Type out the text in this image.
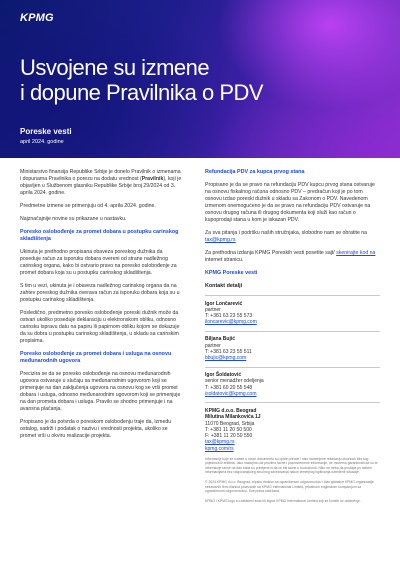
KPMG
Usvojene su izmene
i dopune Pravilnika o PDV
Poreske vesti
april 2024. godine

Ministarstvo finansija Republike Srbije je donelo Pravilnik o izmenama i dopunama Pravilnika o porezu na dodatu vrednost (Pravilnik), koji je objavljen u Službenom glasniku Republike Srbije broj 29/2024 od 3. aprila 2024. godine.

Predmetne izmene se primenjuju od 4. aprila 2024. godine.

Najznačajnije novine su prikazane u nastavku.

Poresko oslobođenje za promet dobara u postupku carinskog skladištenja

Ukinuta je prethodno propisana obaveza poreskog dužnika da poseduje račun za isporuku dobara overeni od strane nadležnog carinskog organa, kako bi ostvario pravo na poresko oslobođenje za promet dobara koja su u postupku carinskog skladištenja.

S tim u vezi, ukinuta je i obaveza nadležnog carinskog organa da na zahtev poreskog dužnika overava račun za isporuku dobara koja su u postupku carinskog skladištenja.

Posledično, predmetno poresko oslobođenje poreski dužnik može da ostvari ukoliko poseduje deklaraciju u elektronskom obliku, odnosno carinsku ispravu datu na papiru ili papirnom obliku kojom se dokazuje da su dobra u postupku carinskog skladištenja, u skladu sa carinskim propisima.

Poresko oslobođenje za promet dobara i usluga na osnovu međunarodnih ugovora

Precizira se da se poresko oslobođenje na osnovu međunarodnih ugovora ostvaruje u slučaju sa međunarodnim ugovorom koji se primenjuje na dan zaključenja ugovora na osnovu kog se vrši promet dobara i usluga, odnosno međunarodnim ugovorom koji se primenjuje na dan prometa dobara i usluga. Pravilo se shodno primenjuje i na avansna plaćanja.

Propisano je da potvrda o poreskom oslobođenju traje da, između ostalog, sadrži i podatak o nazivu i vrednosti projekta, ukoliko se promet vrši u okviru realizacije projekta.

Refundacija PDV za kupca prvog stana

Propisano je da se pravo na refundaciju PDV kupcu prvog stana ostvaruje na osnovu fiskalnog računa odnosno PDV – predračun koji je po tom osnovu izdao poreski dužnik u skladu sa Zakonom o PDV. Navedenom izmenom onemogućeno je da se pravo na refundaciju PDV ostvaruje na osnovu drugog računa ili drugog dokumenta koji služi kao račun o kupoprodaji stana u kom je iskazan PDV.

Za sva pitanja i podršku naših stručnjaka, slobodno nam se obratite na tax@kpmg.rs

Za prethodna izdanja KPMG Poreskih vesti posetite sajt/ skenirajte kod na internet stranicu.

KPMG Poreske vesti
Kontakt detalji
Igor Lončarević
partner
T: +381 63 23 55 573
iloncarevic@kpmg.com
Biljana Bujić
partner
T: +381 63 23 55 511
bbujic@kpmg.com
Igor Šoldatović
senior menadžer odeljenja
T: +381 60 20 55 548
isoldatovic@kpmg.com
KPMG d.o.o. Beograd
Milutina Milankovića 1J
11070 Beograd, Srbija
T: +381 11 20 50 500
F: +381 11 20 50 550
tax@kpmg.rs
kpmg.com/rs

Informacije koje se nalaze u ovom dokumentu su opšte prirode i nisu namenjene rešavanju okolnosti bilo kog pojedinca ili entiteta. Iako nastojimo da pružimo tačne i pravovremene informacije, ne možemo garantovati da su te informacije tačne na dan kada su primljene ili da će biti tačne u budućnosti. Niko ne treba da postupa po takvim informacijama bez odgovarajućeg stručnog savetovanja nakon temeljnog ispitivanja određene situacije.

© 2024 KPMG d.o.o. Beograd, srpsko društvo sa ograničenom odgovornošću i član globalne KPMG organizacije nezavisnih firmi članica povezanih sa KPMG International Limited, privatnom engleskom kompanijom sa ograničenom odgovornošću. Sva prava zadržana.

KPMG i KPMG logo su zaštićeni znaci ili žigovi KPMG International Limited koji se koriste uz odobrenje.
